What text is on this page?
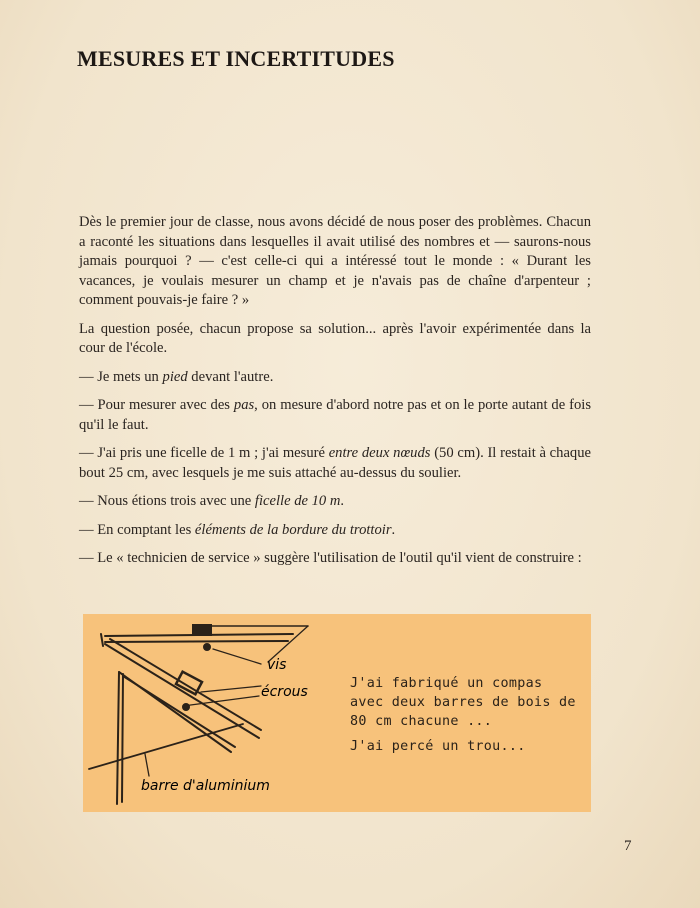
MESURES ET INCERTITUDES

Dès le premier jour de classe, nous avons décidé de nous poser des problèmes. Chacun a raconté les situations dans lesquelles il avait utilisé des nombres et — saurons-nous jamais pourquoi ? — c'est celle-ci qui a intéressé tout le monde : « Durant les vacances, je voulais mesurer un champ et je n'avais pas de chaîne d'arpenteur ; comment pouvais-je faire ? »

La question posée, chacun propose sa solution... après l'avoir expérimentée dans la cour de l'école.

— Je mets un pied devant l'autre.

— Pour mesurer avec des pas, on mesure d'abord notre pas et on le porte autant de fois qu'il le faut.

— J'ai pris une ficelle de 1 m ; j'ai mesuré entre deux nœuds (50 cm). Il restait à chaque bout 25 cm, avec lesquels je me suis attaché au-dessus du soulier.

— Nous étions trois avec une ficelle de 10 m.

— En comptant les éléments de la bordure du trottoir.

— Le « technicien de service » suggère l'utilisation de l'outil qu'il vient de construire :

vis
écrous
barre d'aluminium

J'ai fabriqué un compas avec deux barres de bois de 80 cm chacune ...

J'ai percé un trou...

7
